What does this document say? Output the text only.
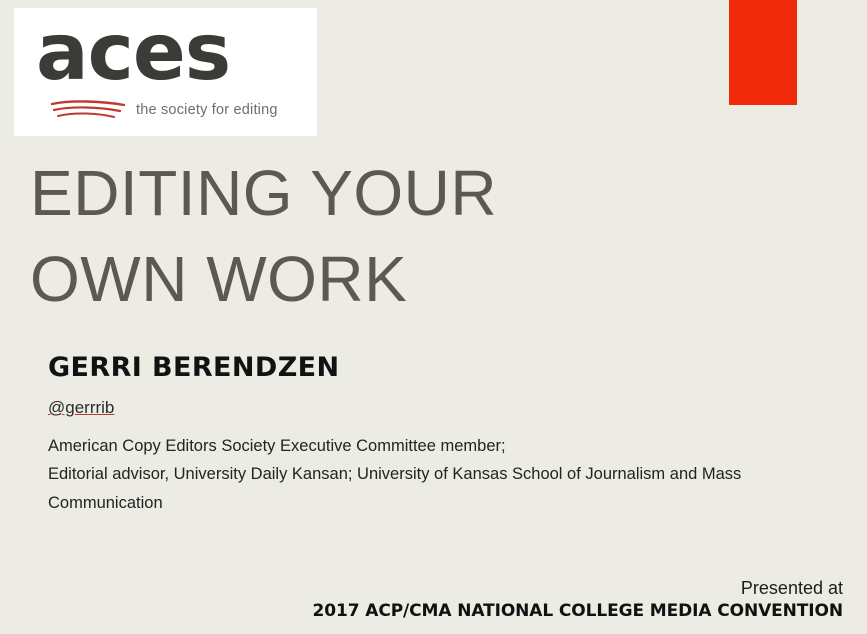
aces
the society for editing
EDITING YOUR
OWN WORK
GERRI BERENDZEN
@gerrrib
American Copy Editors Society Executive Committee member;
Editorial advisor, University Daily Kansan; University of Kansas School of Journalism and Mass Communication
Presented at
2017 ACP/CMA NATIONAL COLLEGE MEDIA CONVENTION
